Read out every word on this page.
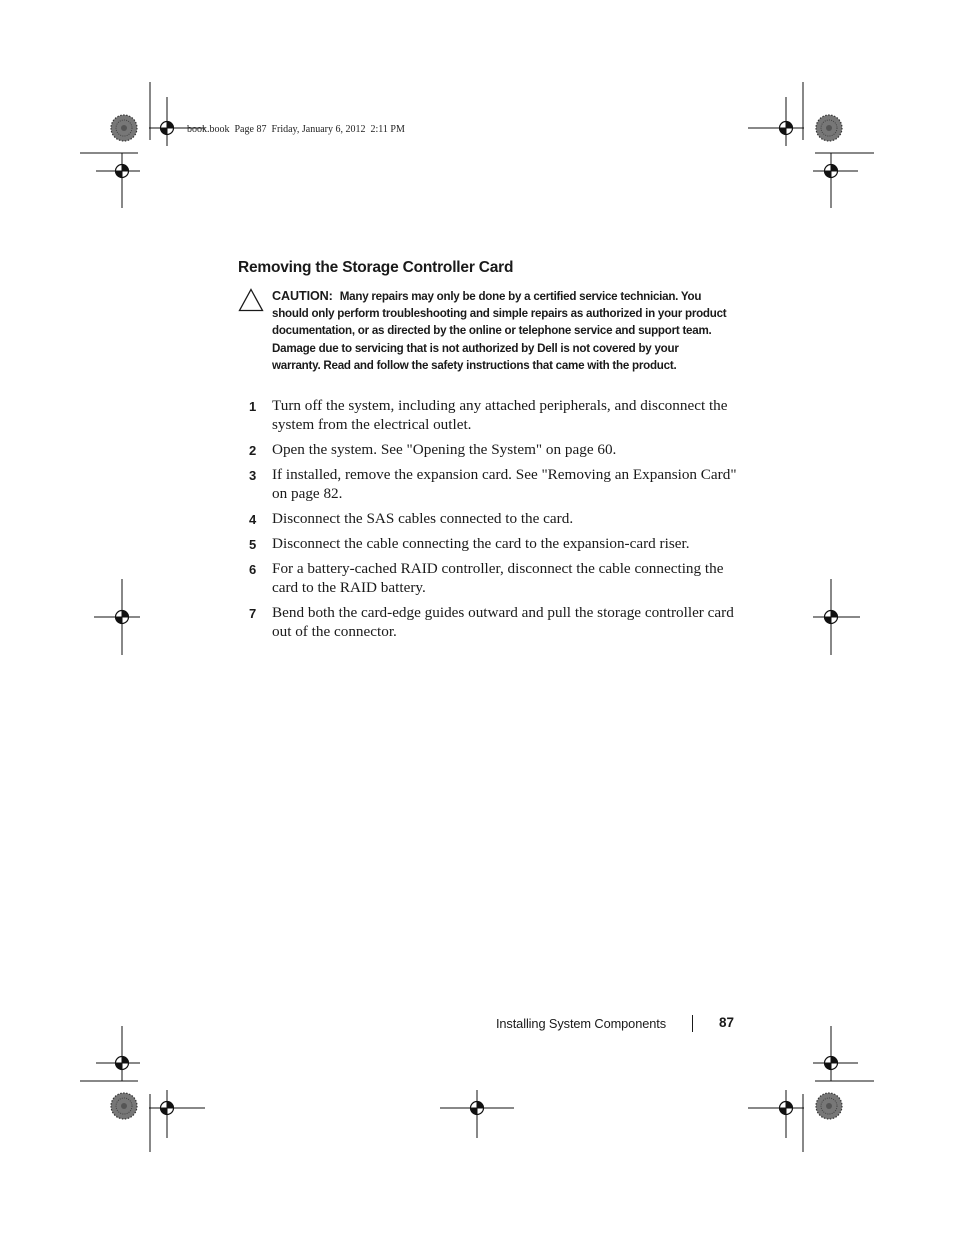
book.book  Page 87  Friday, January 6, 2012  2:11 PM
Removing the Storage Controller Card

CAUTION: Many repairs may only be done by a certified service technician. You should only perform troubleshooting and simple repairs as authorized in your product documentation, or as directed by the online or telephone service and support team. Damage due to servicing that is not authorized by Dell is not covered by your warranty. Read and follow the safety instructions that came with the product.

1 Turn off the system, including any attached peripherals, and disconnect the system from the electrical outlet.
2 Open the system. See "Opening the System" on page 60.
3 If installed, remove the expansion card. See "Removing an Expansion Card" on page 82.
4 Disconnect the SAS cables connected to the card.
5 Disconnect the cable connecting the card to the expansion-card riser.
6 For a battery-cached RAID controller, disconnect the cable connecting the card to the RAID battery.
7 Bend both the card-edge guides outward and pull the storage controller card out of the connector.
Installing System Components	87
